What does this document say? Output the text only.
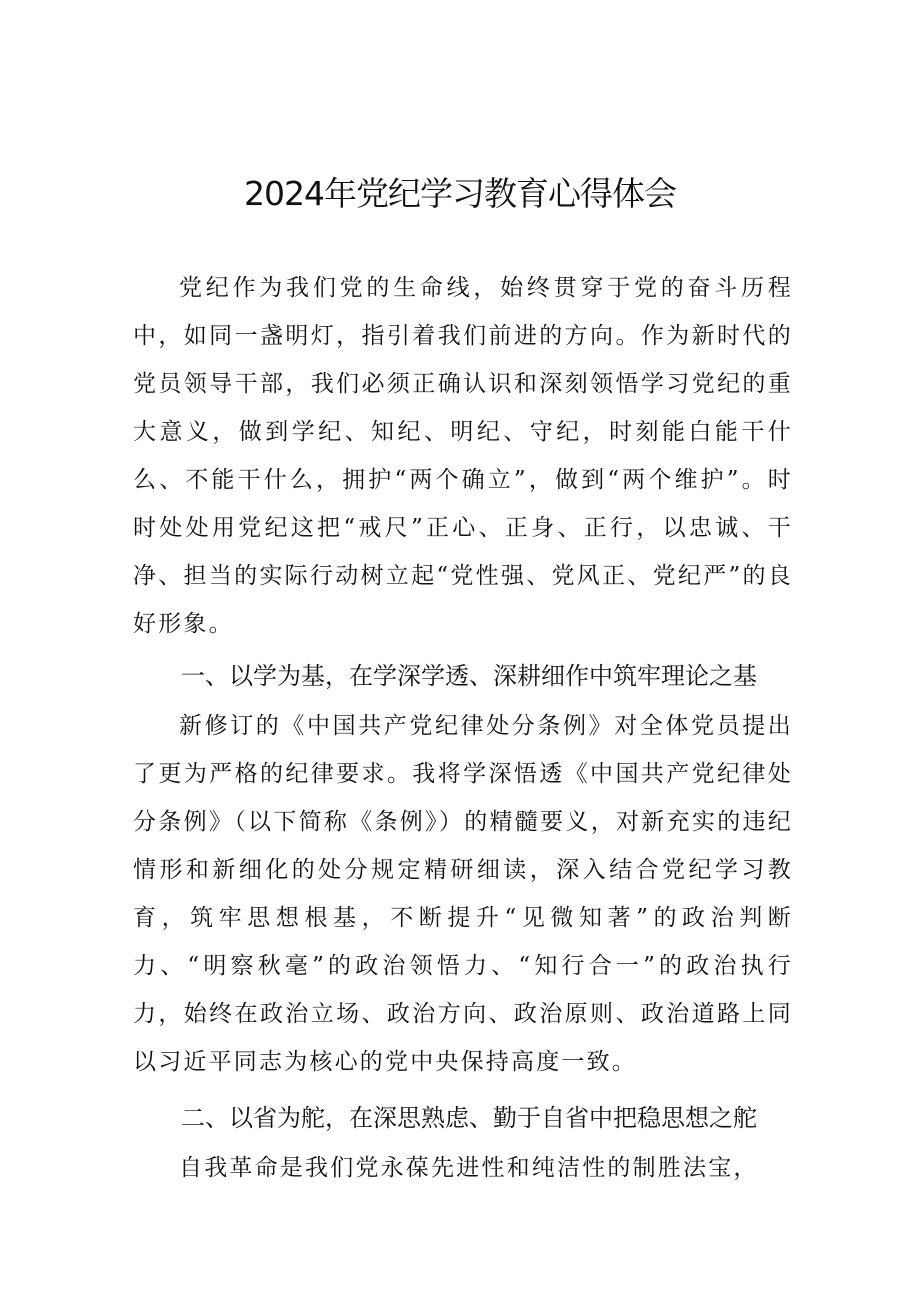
2024年党纪学习教育心得体会

党纪作为我们党的生命线，始终贯穿于党的奋斗历程中，如同一盏明灯，指引着我们前进的方向。作为新时代的党员领导干部，我们必须正确认识和深刻领悟学习党纪的重大意义，做到学纪、知纪、明纪、守纪，时刻能白能干什么、不能干什么，拥护“两个确立”，做到“两个维护”。时时处处用党纪这把“戒尺”正心、正身、正行，以忠诚、干净、担当的实际行动树立起“党性强、党风正、党纪严”的良好形象。

一、以学为基，在学深学透、深耕细作中筑牢理论之基

新修订的《中国共产党纪律处分条例》对全体党员提出了更为严格的纪律要求。我将学深悟透《中国共产党纪律处分条例》（以下简称《条例》）的精髓要义，对新充实的违纪情形和新细化的处分规定精研细读，深入结合党纪学习教育，筑牢思想根基，不断提升“见微知著”的政治判断力、“明察秋毫”的政治领悟力、“知行合一”的政治执行力，始终在政治立场、政治方向、政治原则、政治道路上同以习近平同志为核心的党中央保持高度一致。

二、以省为舵，在深思熟虑、勤于自省中把稳思想之舵

自我革命是我们党永葆先进性和纯洁性的制胜法宝，
